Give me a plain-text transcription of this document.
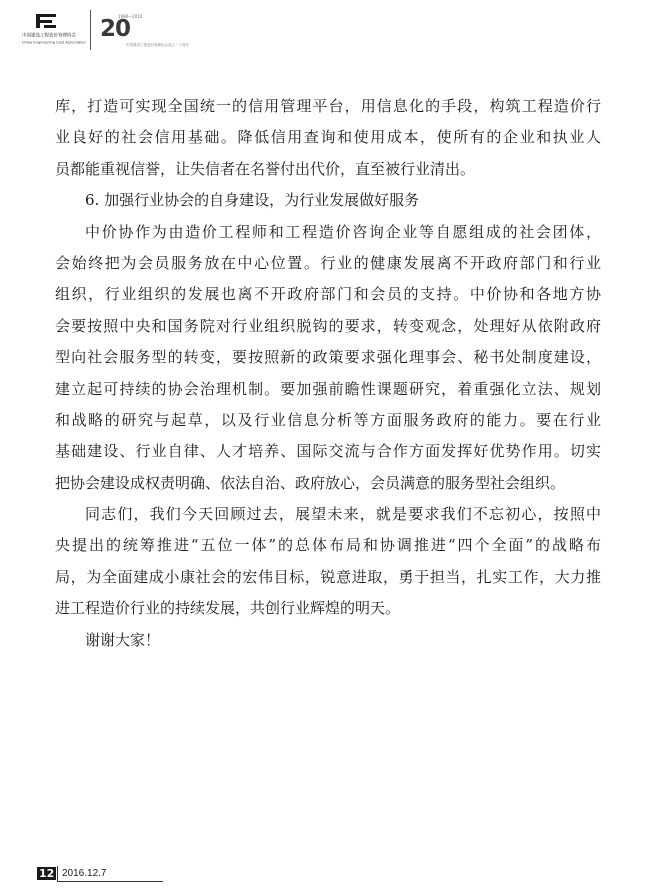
中国建设工程造价管理协会
China Engineering Cost Association
1990—2010
20
中国建设工程造价管理协会成立二十周年
库，打造可实现全国统一的信用管理平台，用信息化的手段，构筑工程造价行
业良好的社会信用基础。降低信用查询和使用成本，使所有的企业和执业人
员都能重视信誉，让失信者在名誉付出代价，直至被行业清出。
6. 加强行业协会的自身建设，为行业发展做好服务
中价协作为由造价工程师和工程造价咨询企业等自愿组成的社会团体，
会始终把为会员服务放在中心位置。行业的健康发展离不开政府部门和行业
组织，行业组织的发展也离不开政府部门和会员的支持。中价协和各地方协
会要按照中央和国务院对行业组织脱钩的要求，转变观念，处理好从依附政府
型向社会服务型的转变，要按照新的政策要求强化理事会、秘书处制度建设，
建立起可持续的协会治理机制。要加强前瞻性课题研究，着重强化立法、规划
和战略的研究与起草，以及行业信息分析等方面服务政府的能力。要在行业
基础建设、行业自律、人才培养、国际交流与合作方面发挥好优势作用。切实
把协会建设成权责明确、依法自治、政府放心，会员满意的服务型社会组织。
同志们，我们今天回顾过去，展望未来，就是要求我们不忘初心，按照中
央提出的统筹推进“五位一体”的总体布局和协调推进“四个全面”的战略布
局，为全面建成小康社会的宏伟目标，锐意进取，勇于担当，扎实工作，大力推
进工程造价行业的持续发展，共创行业辉煌的明天。
谢谢大家！
12 2016.12.7
